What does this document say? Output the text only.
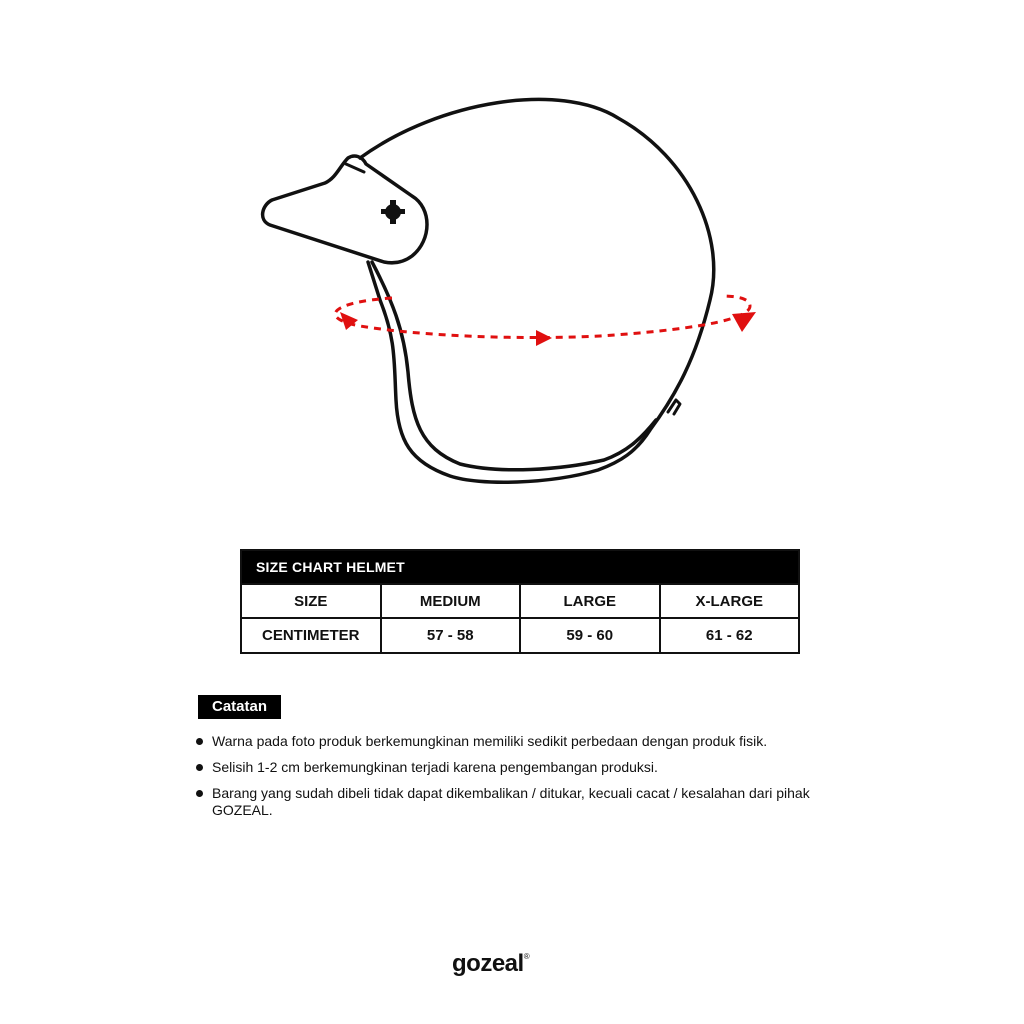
SIZE CHART HELMET			
SIZE	MEDIUM	LARGE	X-LARGE
CENTIMETER	57 - 58	59 - 60	61 - 62
Catatan
Warna pada foto produk berkemungkinan memiliki sedikit perbedaan dengan produk fisik.
Selisih 1-2 cm berkemungkinan terjadi karena pengembangan produksi.
Barang yang sudah dibeli tidak dapat dikembalikan / ditukar, kecuali cacat / kesalahan dari pihak GOZEAL.
gozeal®
